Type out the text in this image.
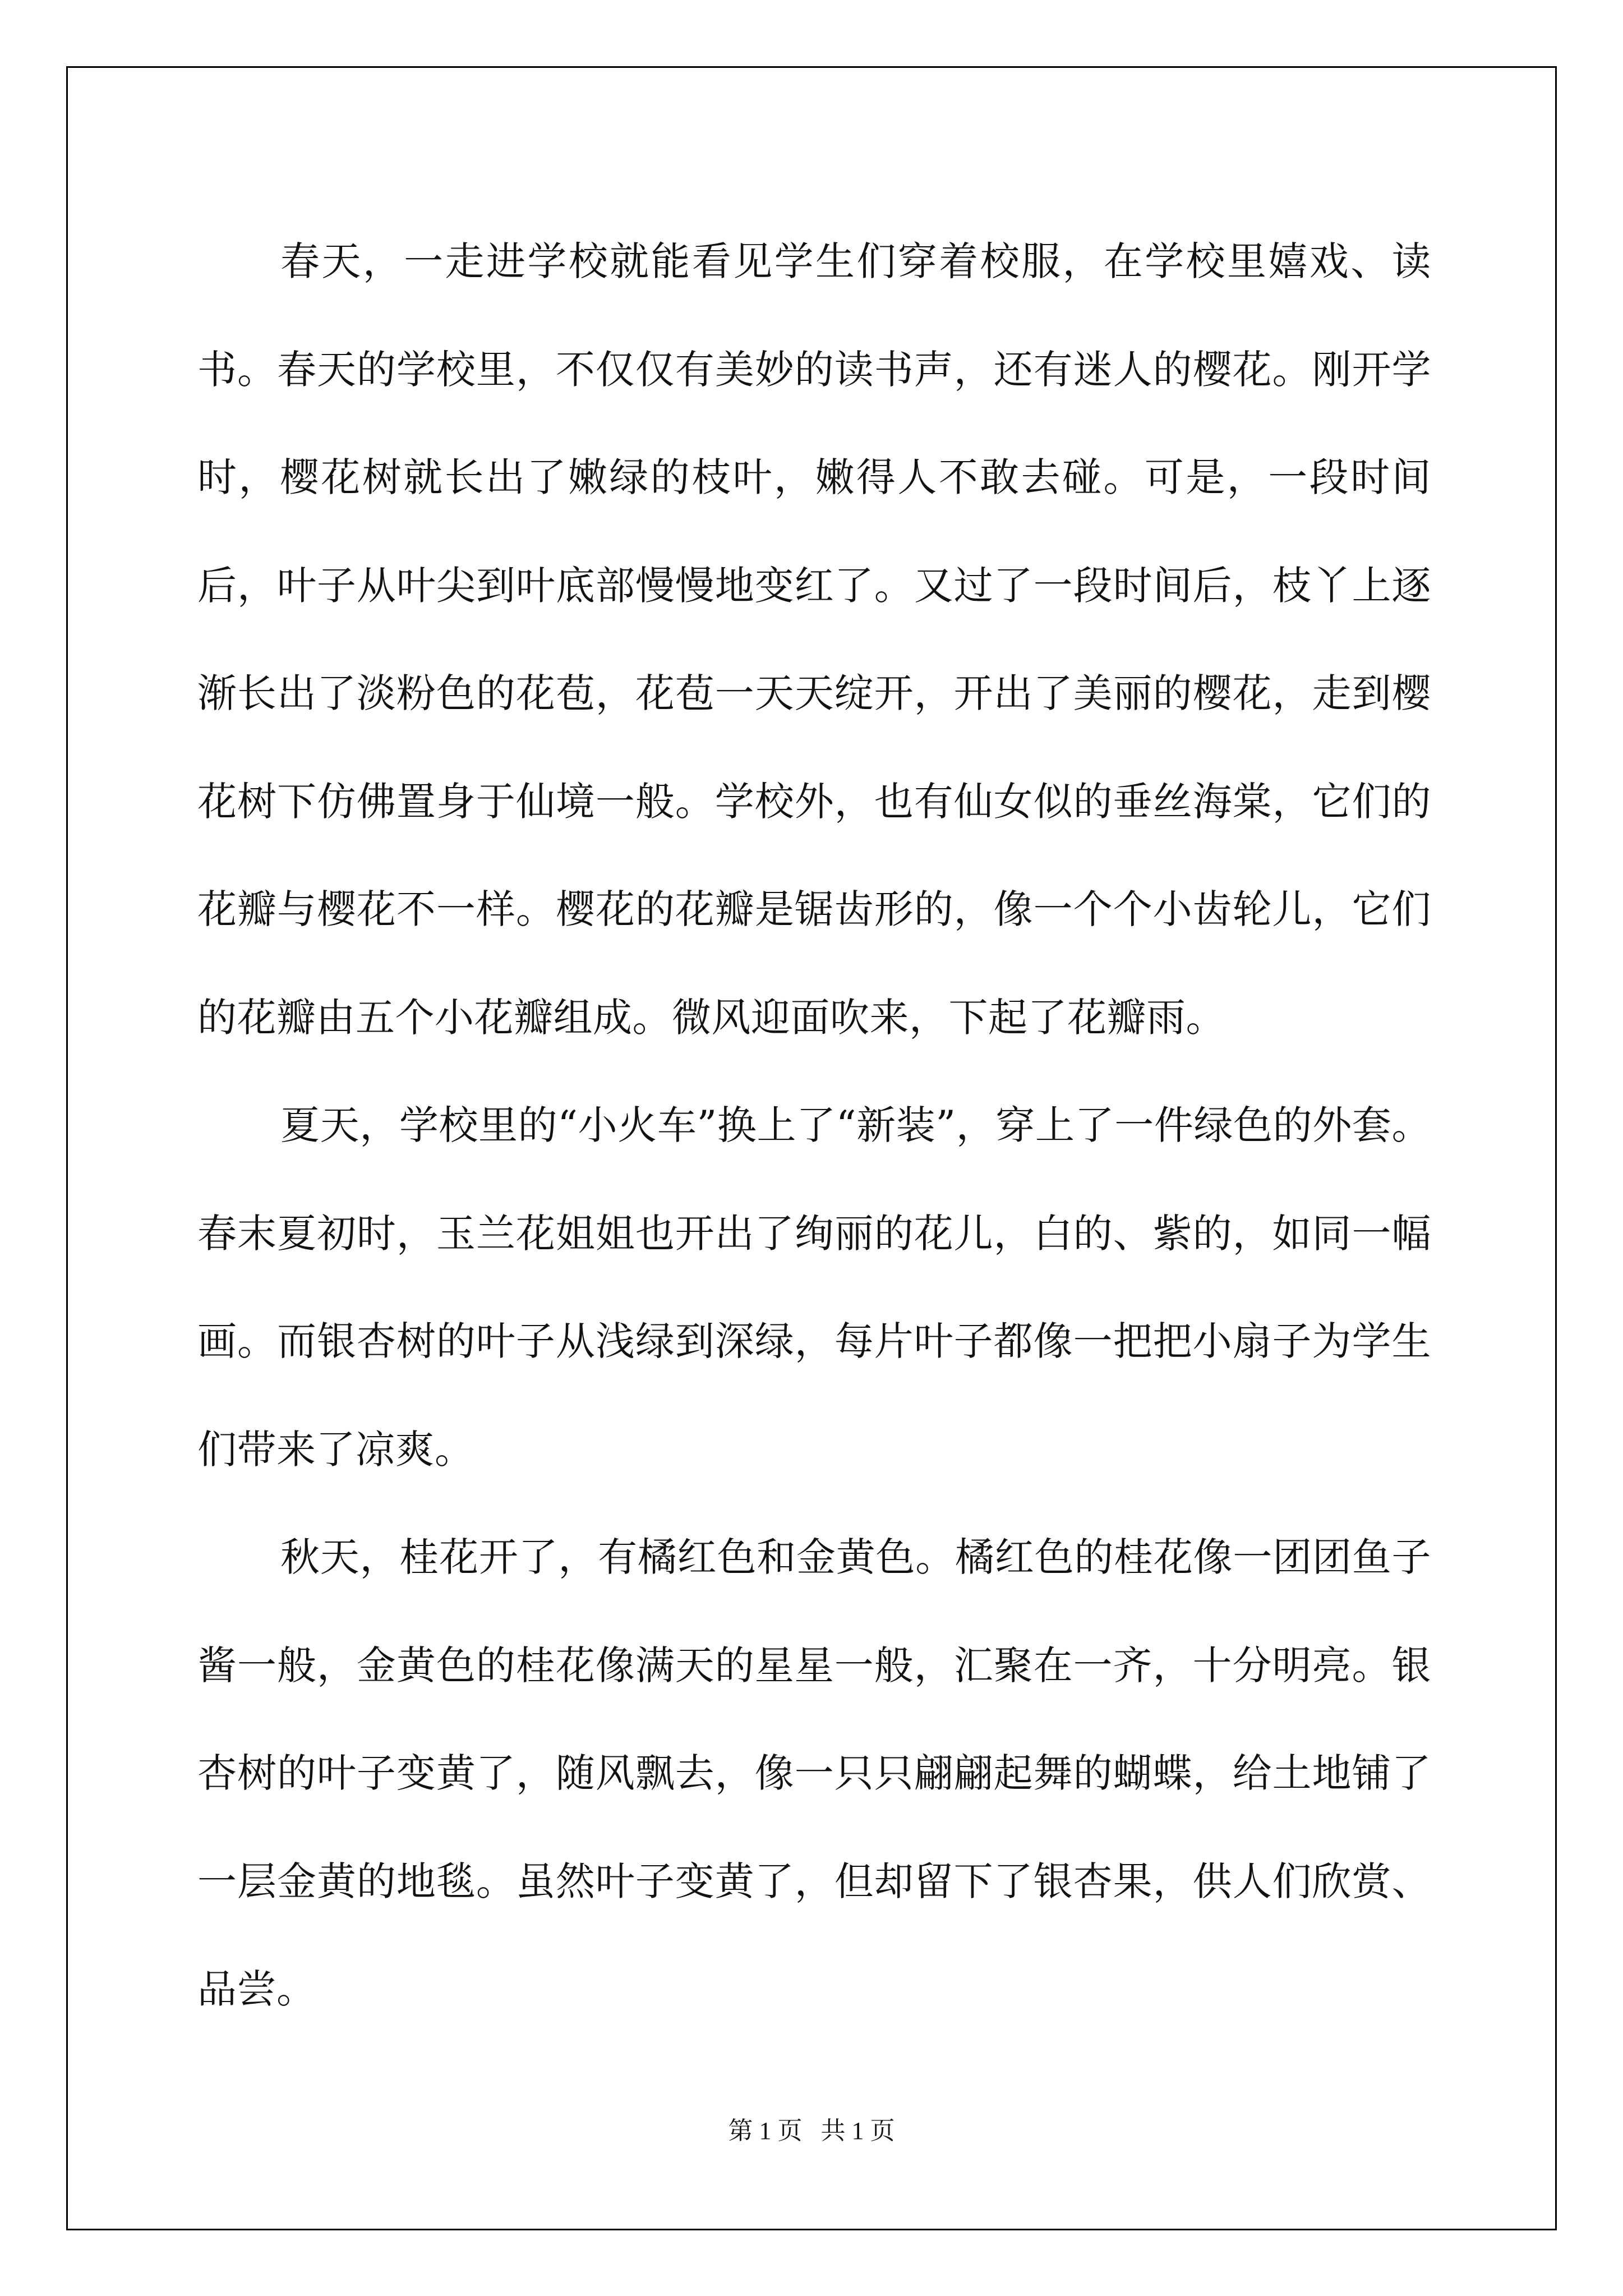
春天，一走进学校就能看见学生们穿着校服，在学校里嬉戏、读书。春天的学校里，不仅仅有美妙的读书声，还有迷人的樱花。刚开学时，樱花树就长出了嫩绿的枝叶，嫩得人不敢去碰。可是，一段时间后，叶子从叶尖到叶底部慢慢地变红了。又过了一段时间后，枝丫上逐渐长出了淡粉色的花苞，花苞一天天绽开，开出了美丽的樱花，走到樱花树下仿佛置身于仙境一般。学校外，也有仙女似的垂丝海棠，它们的花瓣与樱花不一样。樱花的花瓣是锯齿形的，像一个个小齿轮儿，它们的花瓣由五个小花瓣组成。微风迎面吹来，下起了花瓣雨。

夏天，学校里的“小火车”换上了“新装”，穿上了一件绿色的外套。春末夏初时，玉兰花姐姐也开出了绚丽的花儿，白的、紫的，如同一幅画。而银杏树的叶子从浅绿到深绿，每片叶子都像一把把小扇子为学生们带来了凉爽。

秋天，桂花开了，有橘红色和金黄色。橘红色的桂花像一团团鱼子酱一般，金黄色的桂花像满天的星星一般，汇聚在一齐，十分明亮。银杏树的叶子变黄了，随风飘去，像一只只翩翩起舞的蝴蝶，给土地铺了一层金黄的地毯。虽然叶子变黄了，但却留下了银杏果，供人们欣赏、品尝。

第 1 页   共 1 页
